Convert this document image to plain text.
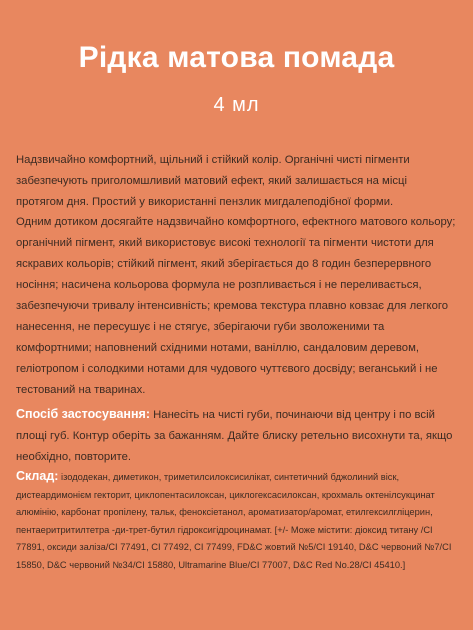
Рідка матова помада
4 мл

Надзвичайно комфортний, щільний і стійкий колір. Органічні чисті пігменти забезпечують приголомшливий матовий ефект, який залишається на місці протягом дня. Простий у використанні пензлик мигдалеподібної форми.

Одним дотиком досягайте надзвичайно комфортного, ефектного матового кольору; органічний пігмент, який використовує високі технології та пігменти чистоти для яскравих кольорів; стійкий пігмент, який зберігається до 8 годин безперервного носіння; насичена кольорова формула не розпливається і не переливається, забезпечуючи тривалу інтенсивність; кремова текстура плавно ковзає для легкого нанесення, не пересушує і не стягує, зберігаючи губи зволоженими та комфортними; наповнений східними нотами, ваніллю, сандаловим деревом, геліотропом і солодкими нотами для чудового чуттєвого досвіду; веганський і не тестований на тваринах.

Спосіб застосування: Нанесіть на чисті губи, починаючи від центру і по всій площі губ. Контур оберіть за бажанням. Дайте блиску ретельно висохнути та, якщо необхідно, повторите.

Склад: ізододекан, диметикон, триметилсилоксисилікат, синтетичний бджолиний віск, дистеардимонієм гекторит, циклопентасилоксан, циклогексасилоксан, крохмаль октенілсукцинат алюмінію, карбонат пропілену, тальк, феноксіетанол, ароматизатор/аромат, етилгексилгліцерин, пентаеритритилтетра -ди-трет-бутил гідроксигідроцинамат. [+/- Може містити: діоксид титану /CI 77891, оксиди заліза/CI 77491, CI 77492, CI 77499, FD&C жовтий №5/CI 19140, D&C червоний №7/CI 15850, D&C червоний №34/CI 15880, Ultramarine Blue/CI 77007, D&C Red No.28/CI 45410.]
